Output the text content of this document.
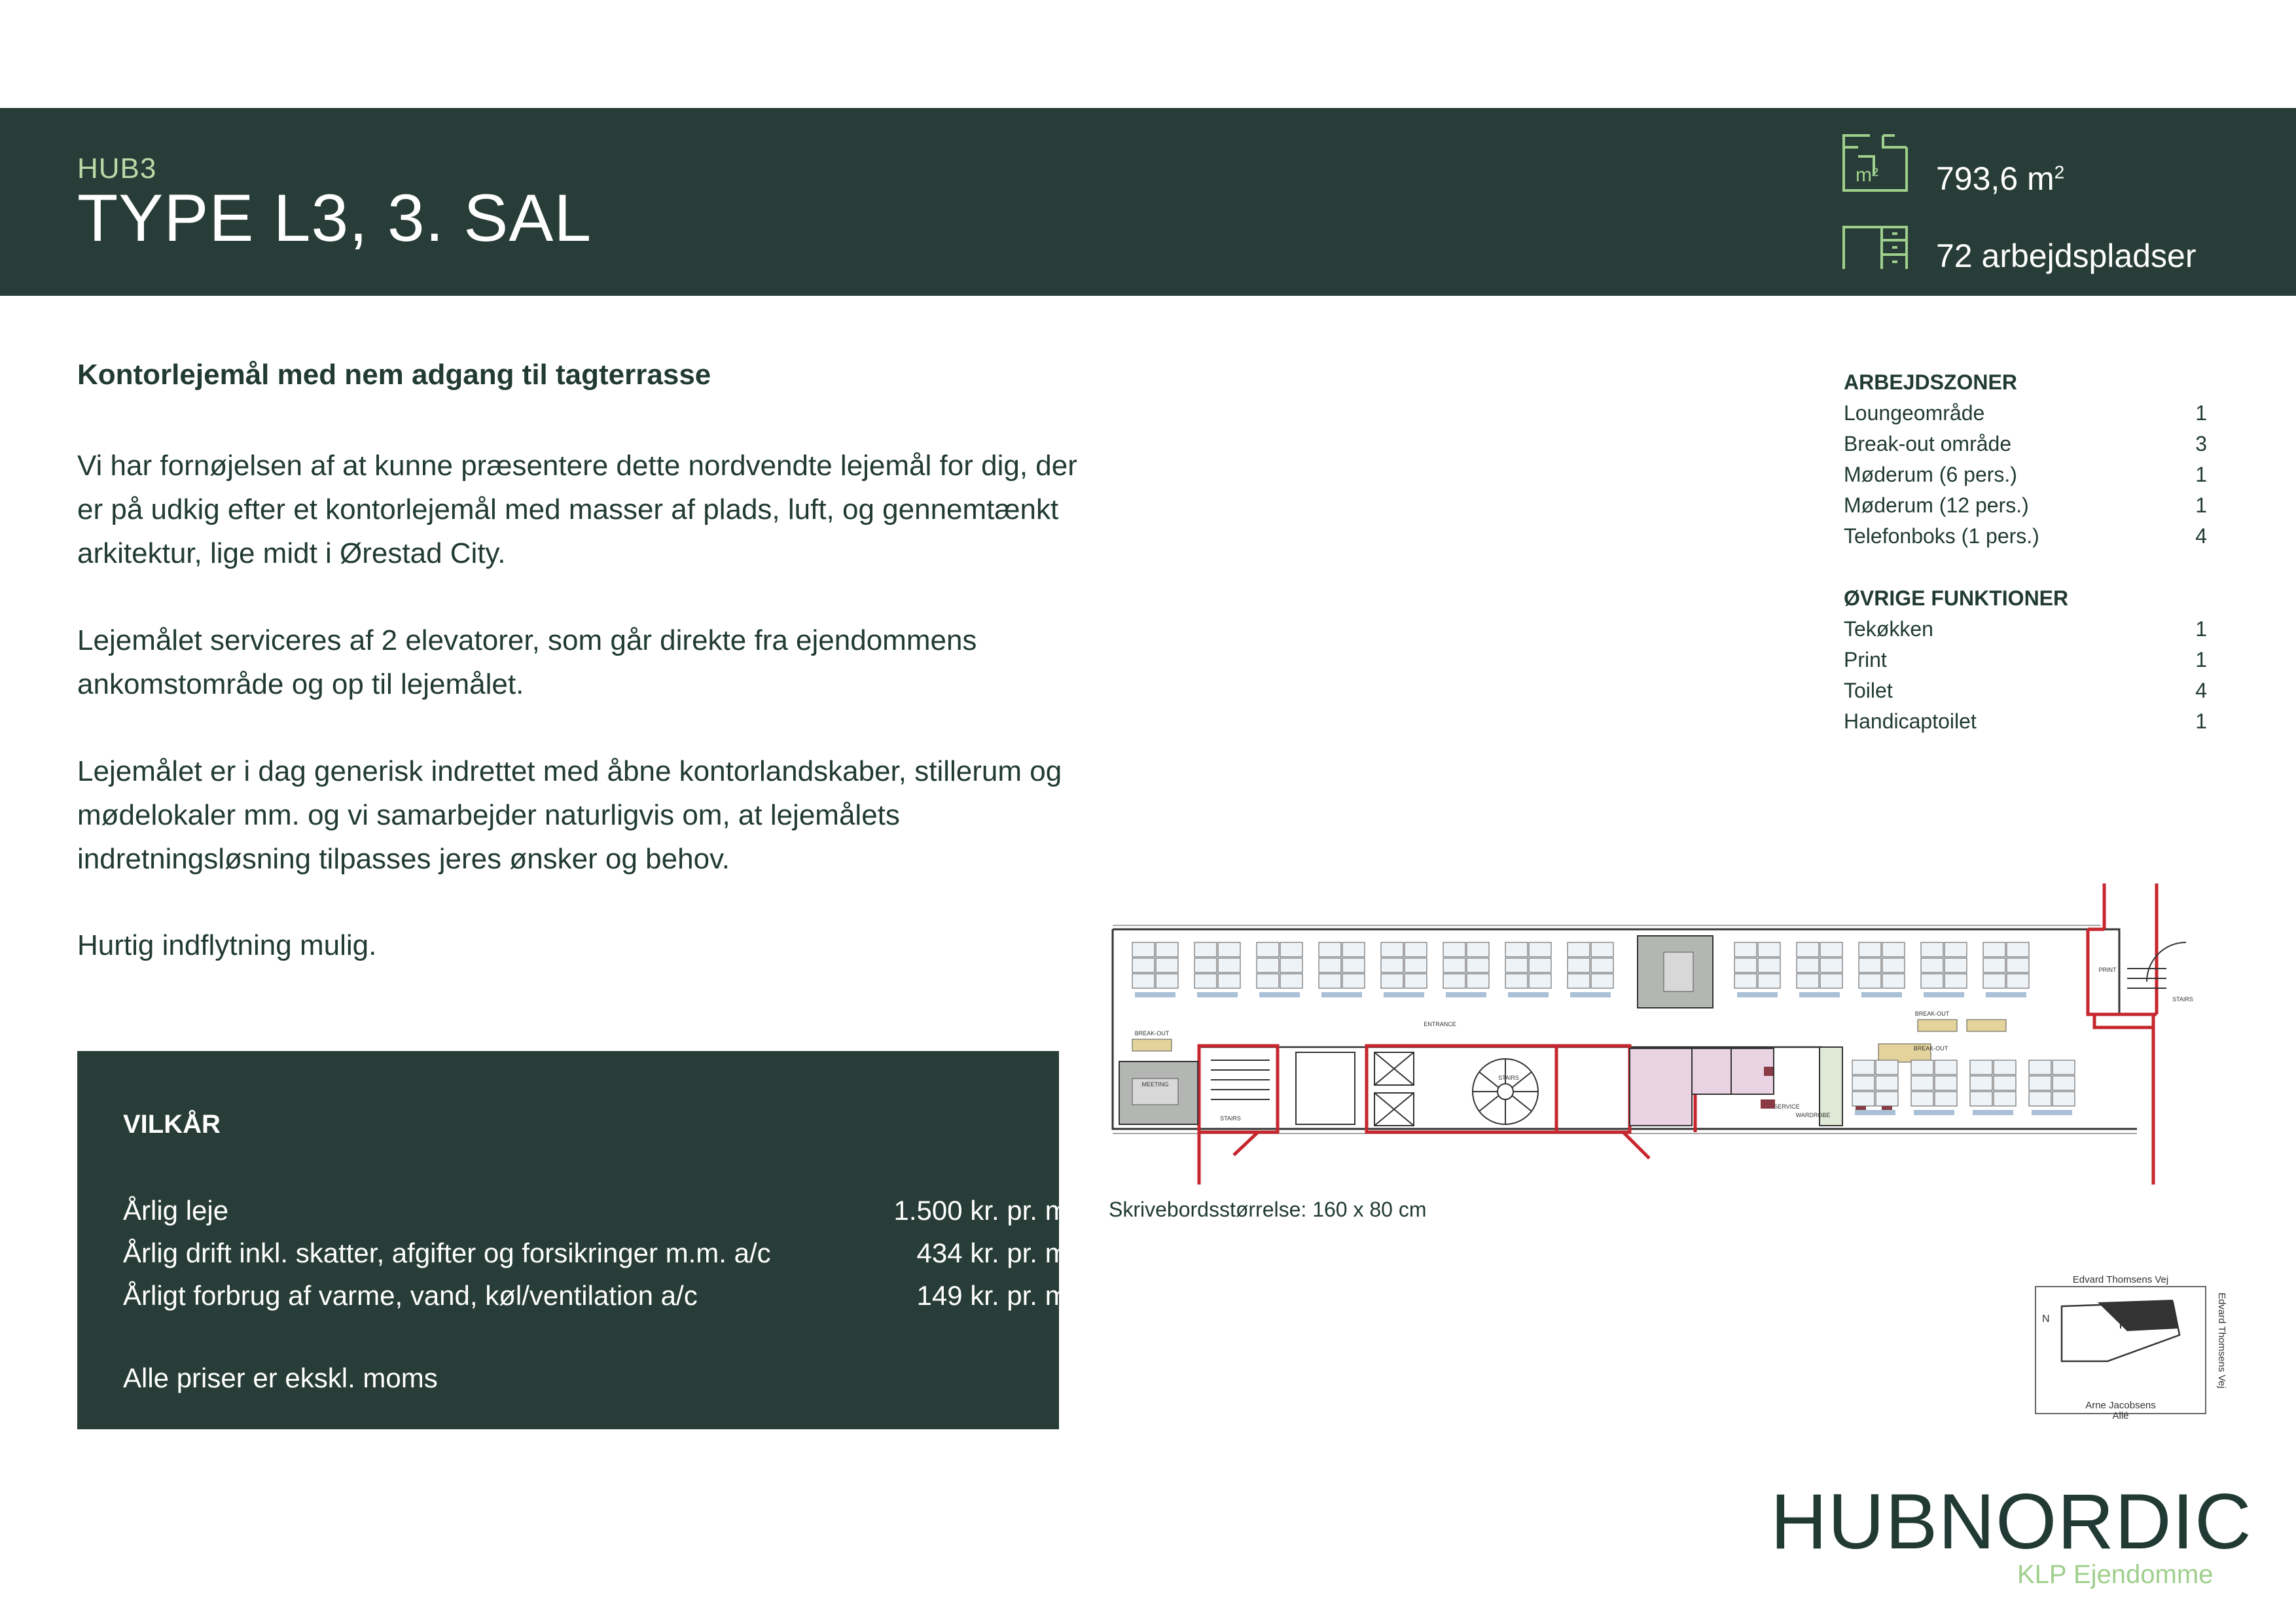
HUB3
TYPE L3, 3. SAL
m² 793,6 $m^2$
72 arbejdspladser
Kontorlejemål med nem adgang til tagterrasse

Vi har fornøjelsen af at kunne præsentere dette nordvendte lejemål for dig, der er på udkig efter et kontorlejemål med masser af plads, luft, og gennemtænkt arkitektur, lige midt i Ørestad City.

Lejemålet serviceres af 2 elevatorer, som går direkte fra ejendommens ankomstområde og op til lejemålet.

Lejemålet er i dag generisk indrettet med åbne kontorlandskaber, stillerum og mødelokaler mm. og vi samarbejder naturligvis om, at lejemålets indretningsløsning tilpasses jeres ønsker og behov.

Hurtig indflytning mulig.

ARBEJDSZONER
Loungeområde	1
Break-out område	3
Møderum (6 pers.)	1
Møderum (12 pers.)	1
Telefonboks (1 pers.)	4
ØVRIGE FUNKTIONER
Tekøkken	1
Print	1
Toilet	4
Handicaptoilet	1
VILKÅR
Årlig leje	1.500 kr. pr. $m^2$
Årlig drift inkl. skatter, afgifter og forsikringer m.m. a/c	434 kr. pr. $m^2$
Årligt forbrug af varme, vand, køl/ventilation a/c	149 kr. pr. $m^2$
Alle priser er ekskl. moms
BREAK-OUT
MEETING
STAIRS
ENTRANCE
STAIRS
SERVICE
WARDROBE
PRINT
STAIRS
BREAK-OUT
BREAK-OUT
Skrivebordsstørrelse: 160 x 80 cm
N
Edvard Thomsens Vej
Edvard Thomsens Vej
Arne Jacobsens
Allé
HUBNORDIC
KLP Ejendomme
